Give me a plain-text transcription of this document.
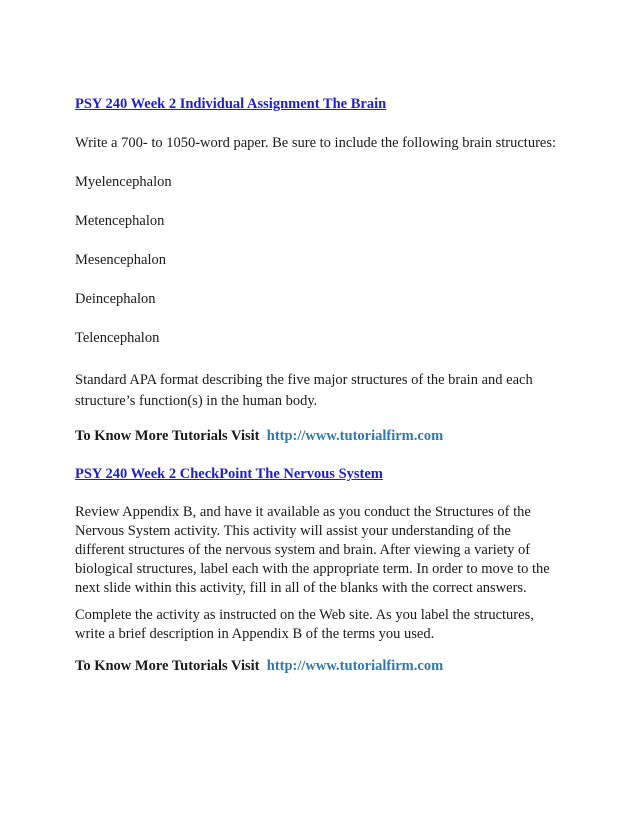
PSY 240 Week 2 Individual Assignment The Brain
Write a 700- to 1050-word paper. Be sure to include the following brain structures:
Myelencephalon
Metencephalon
Mesencephalon
Deincephalon
Telencephalon
Standard APA format describing the five major structures of the brain and each
structure’s function(s) in the human body.
To Know More Tutorials Visit http://www.tutorialfirm.com
PSY 240 Week 2 CheckPoint The Nervous System
Review Appendix B, and have it available as you conduct the Structures of the
Nervous System activity. This activity will assist your understanding of the
different structures of the nervous system and brain. After viewing a variety of
biological structures, label each with the appropriate term. In order to move to the
next slide within this activity, fill in all of the blanks with the correct answers.
Complete the activity as instructed on the Web site. As you label the structures,
write a brief description in Appendix B of the terms you used.
To Know More Tutorials Visit http://www.tutorialfirm.com
